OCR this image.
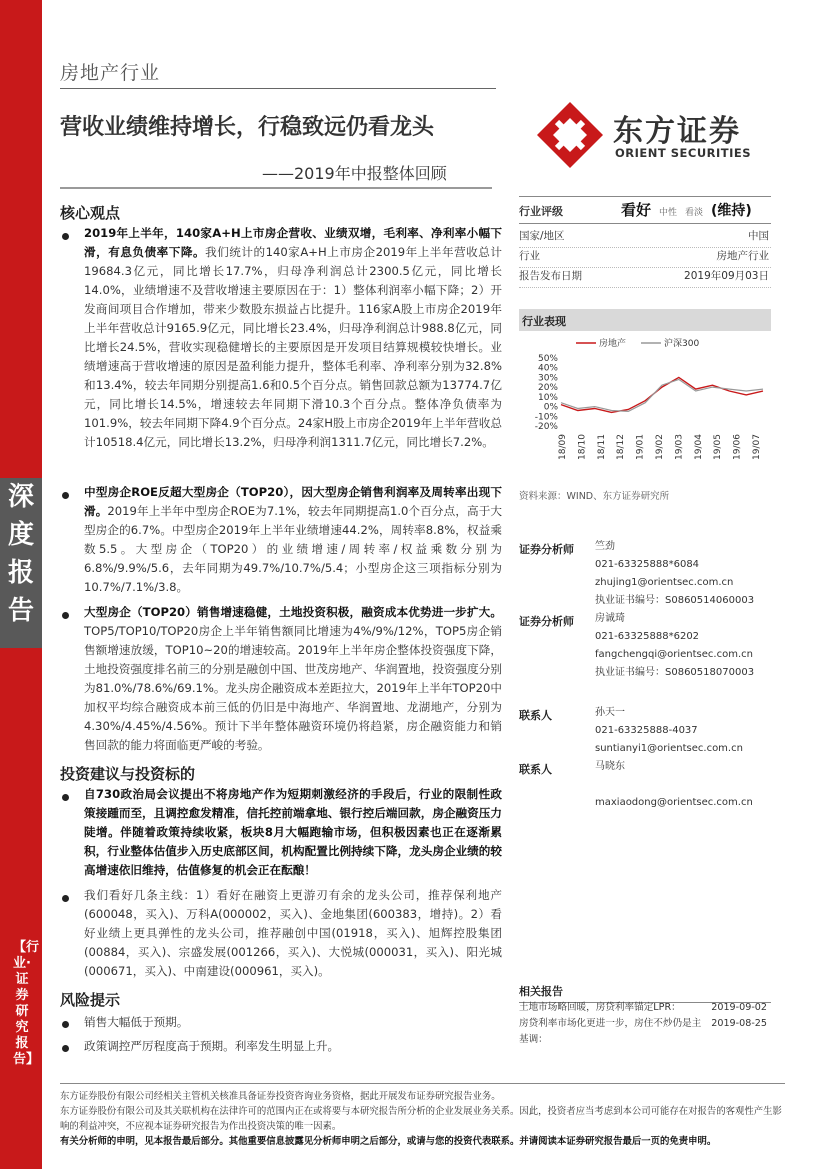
深
度
报
告
【行业·证券研究报告】
房地产行业
营收业绩维持增长，行稳致远仍看龙头
——2019年中报整体回顾
东方证券
ORIENT SECURITIES
核心观点
2019年上半年，140家A+H上市房企营收、业绩双增，毛利率、净利率小幅下滑，有息负债率下降。我们统计的140家A+H上市房企2019年上半年营收总计19684.3亿元，同比增长17.7%，归母净利润总计2300.5亿元，同比增长14.0%，业绩增速不及营收增速主要原因在于：1）整体利润率小幅下降；2）开发商间项目合作增加，带来少数股东损益占比提升。116家A股上市房企2019年上半年营收总计9165.9亿元，同比增长23.4%，归母净利润总计988.8亿元，同比增长24.5%，营收实现稳健增长的主要原因是开发项目结算规模较快增长。业绩增速高于营收增速的原因是盈利能力提升，整体毛利率、净利率分别为32.8%和13.4%，较去年同期分别提高1.6和0.5个百分点。销售回款总额为13774.7亿元，同比增长14.5%，增速较去年同期下滑10.3个百分点。整体净负债率为101.9%，较去年同期下降4.9个百分点。24家H股上市房企2019年上半年营收总计10518.4亿元，同比增长13.2%，归母净利润1311.7亿元，同比增长7.2%。
中型房企ROE反超大型房企（TOP20），因大型房企销售利润率及周转率出现下滑。2019年上半年中型房企ROE为7.1%，较去年同期提高1.0个百分点，高于大型房企的6.7%。中型房企2019年上半年业绩增速44.2%，周转率8.8%，权益乘数5.5。大型房企（TOP20）的业绩增速/周转率/权益乘数分别为6.8%/9.9%/5.6，去年同期为49.7%/10.7%/5.4；小型房企这三项指标分别为10.7%/7.1%/3.8。
大型房企（TOP20）销售增速稳健，土地投资积极，融资成本优势进一步扩大。TOP5/TOP10/TOP20房企上半年销售额同比增速为4%/9%/12%，TOP5房企销售额增速放缓，TOP10~20的增速较高。2019年上半年房企整体投资强度下降，土地投资强度排名前三的分别是融创中国、世茂房地产、华润置地，投资强度分别为81.0%/78.6%/69.1%。龙头房企融资成本差距拉大，2019年上半年TOP20中加权平均综合融资成本前三低的仍旧是中海地产、华润置地、龙湖地产，分别为4.30%/4.45%/4.56%。预计下半年整体融资环境仍将趋紧，房企融资能力和销售回款的能力将面临更严峻的考验。
投资建议与投资标的
自730政治局会议提出不将房地产作为短期刺激经济的手段后，行业的限制性政策接踵而至，且调控愈发精准，信托控前端拿地、银行控后端回款，房企融资压力陡增。伴随着政策持续收紧，板块8月大幅跑输市场，但积极因素也正在逐渐累积，行业整体估值步入历史底部区间，机构配置比例持续下降，龙头房企业绩的较高增速依旧维持，估值修复的机会正在酝酿！
我们看好几条主线：1）看好在融资上更游刃有余的龙头公司，推荐保利地产(600048，买入)、万科A(000002，买入)、金地集团(600383，增持)。2）看好业绩上更具弹性的龙头公司，推荐融创中国(01918，买入)、旭辉控股集团(00884，买入)、宗盛发展(001266，买入)、大悦城(000031，买入)、阳光城(000671，买入)、中南建设(000961，买入)。
风险提示
销售大幅低于预期。
政策调控严厉程度高于预期。利率发生明显上升。
行业评级	看好 中性 看淡 (维持)
国家/地区	中国
行业	房地产行业
报告发布日期	2019年09月03日
行业表现
50%
40%
30%
20%
10%
0%
-10%
-20%
18/09 18/10 18/11 18/12 19/01 19/02 19/03 19/04 19/05 19/06 19/07
房地产	沪深300
资料来源：WIND、东方证券研究所
证券分析师 竺劲
021-63325888*6084
zhujing1@orientsec.com.cn
执业证书编号：S0860514060003
证券分析师 房诚琦
021-63325888*6202
fangchengqi@orientsec.com.cn
执业证书编号：S0860518070003
联系人	孙天一
021-63325888-4037
suntianyi1@orientsec.com.cn
联系人	马晓东
maxiaodong@orientsec.com.cn
相关报告
土地市场略回暖，房贷利率锚定LPR：	2019-09-02
房贷利率市场化更进一步，房住不炒仍是主基调：
2019-08-25
东方证券股份有限公司经相关主管机关核准具备证券投资咨询业务资格，据此开展发布证券研究报告业务。
东方证券股份有限公司及其关联机构在法律许可的范围内正在或将要与本研究报告所分析的企业发展业务关系。因此，投资者应当考虑到本公司可能存在对报告的客观性产生影响的利益冲突，不应视本证券研究报告为作出投资决策的唯一因素。
有关分析师的申明，见本报告最后部分。其他重要信息披露见分析师申明之后部分，或请与您的投资代表联系。并请阅读本证券研究报告最后一页的免责申明。
